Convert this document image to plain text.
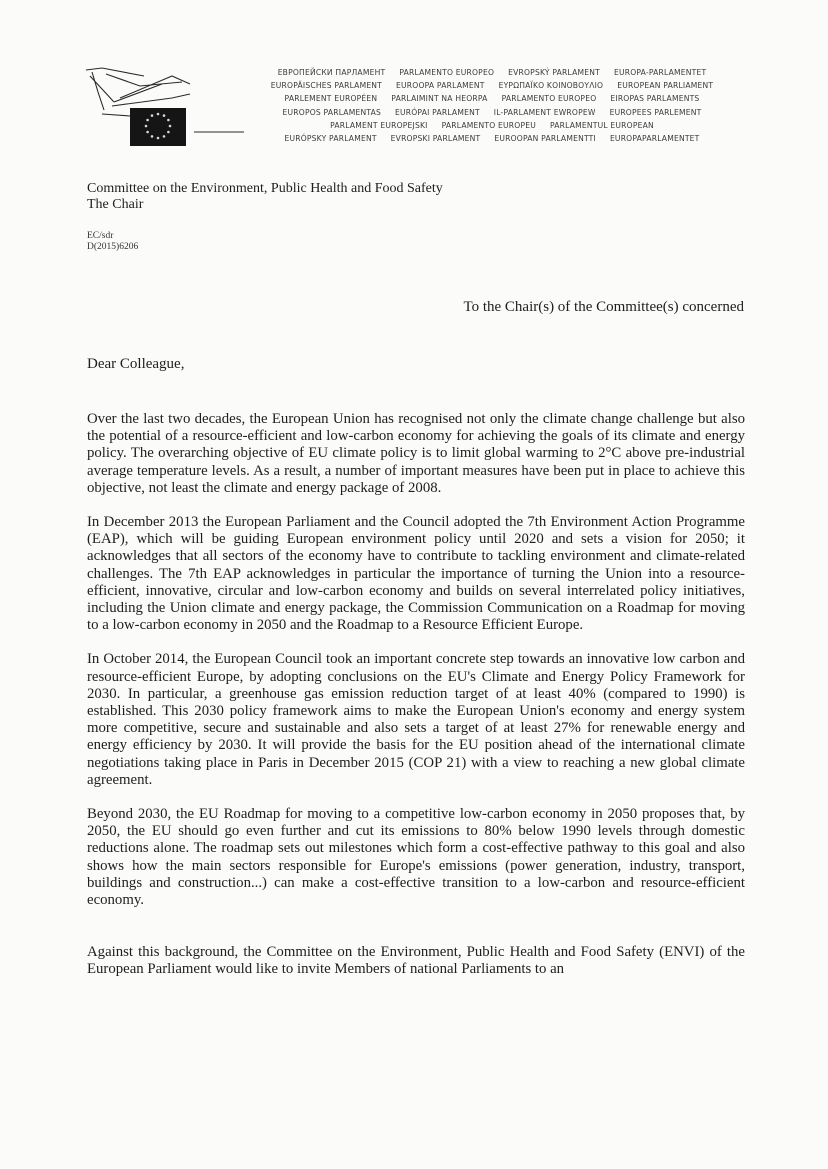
ЕВРОПЕЙСКИ ПАРЛАМЕНТ PARLAMENTO EUROPEO EVROPSKÝ PARLAMENT EUROPA-PARLAMENTET
EUROPÄISCHES PARLAMENT EUROOPA PARLAMENT ΕΥΡΩΠΑΪΚΟ ΚΟΙΝΟΒΟΥΛΙΟ EUROPEAN PARLIAMENT
PARLEMENT EUROPÉEN PARLAIMINT NA HEORPA PARLAMENTO EUROPEO EIROPAS PARLAMENTS
EUROPOS PARLAMENTAS EURÓPAI PARLAMENT IL-PARLAMENT EWROPEW EUROPEES PARLEMENT
PARLAMENT EUROPEJSKI PARLAMENTO EUROPEU PARLAMENTUL EUROPEAN
EURÓPSKY PARLAMENT EVROPSKI PARLAMENT EUROOPAN PARLAMENTTI EUROPAPARLAMENTET
Committee on the Environment, Public Health and Food Safety
The Chair
EC/sdr
D(2015)6206
To the Chair(s) of the Committee(s) concerned
Dear Colleague,

Over the last two decades, the European Union has recognised not only the climate change challenge but also the potential of a resource-efficient and low-carbon economy for achieving the goals of its climate and energy policy. The overarching objective of EU climate policy is to limit global warming to 2°C above pre-industrial average temperature levels. As a result, a number of important measures have been put in place to achieve this objective, not least the climate and energy package of 2008.

In December 2013 the European Parliament and the Council adopted the 7th Environment Action Programme (EAP), which will be guiding European environment policy until 2020 and sets a vision for 2050; it acknowledges that all sectors of the economy have to contribute to tackling environment and climate-related challenges. The 7th EAP acknowledges in particular the importance of turning the Union into a resource-efficient, innovative, circular and low-carbon economy and builds on several interrelated policy initiatives, including the Union climate and energy package, the Commission Communication on a Roadmap for moving to a low-carbon economy in 2050 and the Roadmap to a Resource Efficient Europe.

In October 2014, the European Council took an important concrete step towards an innovative low carbon and resource-efficient Europe, by adopting conclusions on the EU's Climate and Energy Policy Framework for 2030. In particular, a greenhouse gas emission reduction target of at least 40% (compared to 1990) is established. This 2030 policy framework aims to make the European Union's economy and energy system more competitive, secure and sustainable and also sets a target of at least 27% for renewable energy and energy efficiency by 2030. It will provide the basis for the EU position ahead of the international climate negotiations taking place in Paris in December 2015 (COP 21) with a view to reaching a new global climate agreement.

Beyond 2030, the EU Roadmap for moving to a competitive low-carbon economy in 2050 proposes that, by 2050, the EU should go even further and cut its emissions to 80% below 1990 levels through domestic reductions alone. The roadmap sets out milestones which form a cost-effective pathway to this goal and also shows how the main sectors responsible for Europe's emissions (power generation, industry, transport, buildings and construction...) can make a cost-effective transition to a low-carbon and resource-efficient economy.

Against this background, the Committee on the Environment, Public Health and Food Safety (ENVI) of the European Parliament would like to invite Members of national Parliaments to an
